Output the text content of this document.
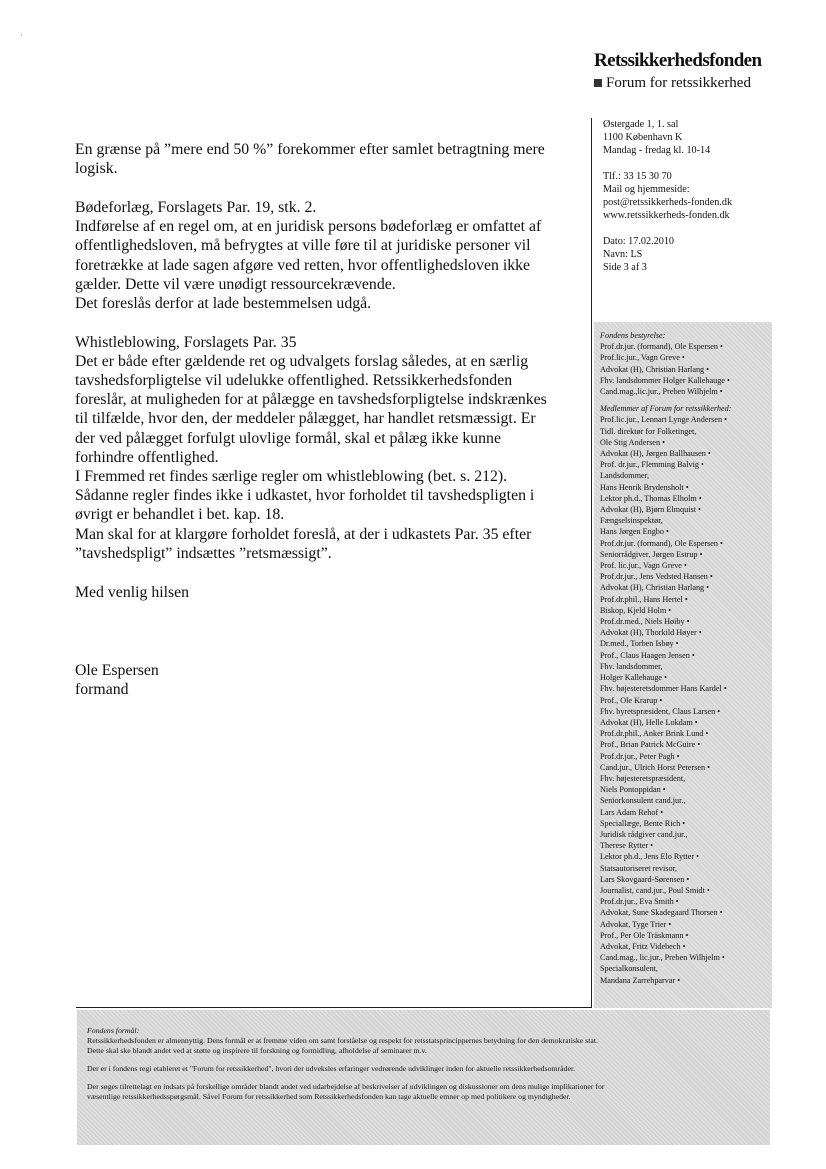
Retssikkerhedsfonden
Forum for retssikkerhed
En grænse på ”mere end 50 %” forekommer efter samlet betragtning mere
logisk.
Bødeforlæg, Forslagets Par. 19, stk. 2.
Indførelse af en regel om, at en juridisk persons bødeforlæg er omfattet af
offentlighedsloven, må befrygtes at ville føre til at juridiske personer vil
foretrække at lade sagen afgøre ved retten, hvor offentlighedsloven ikke
gælder. Dette vil være unødigt ressourcekrævende.
Det foreslås derfor at lade bestemmelsen udgå.
Whistleblowing, Forslagets Par. 35
Det er både efter gældende ret og udvalgets forslag således, at en særlig
tavshedsforpligtelse vil udelukke offentlighed. Retssikkerhedsfonden
foreslår, at muligheden for at pålægge en tavshedsforpligtelse indskrænkes
til tilfælde, hvor den, der meddeler pålægget, har handlet retsmæssigt. Er
der ved pålægget forfulgt ulovlige formål, skal et pålæg ikke kunne
forhindre offentlighed.
I Fremmed ret findes særlige regler om whistleblowing (bet. s. 212).
Sådanne regler findes ikke i udkastet, hvor forholdet til tavshedspligten i
øvrigt er behandlet i bet. kap. 18.
Man skal for at klargøre forholdet foreslå, at der i udkastets Par. 35 efter
”tavshedspligt” indsættes ”retsmæssigt”.
Med venlig hilsen
Ole Espersen
formand
Østergade 1, 1. sal
1100 København K
Mandag - fredag kl. 10-14
Tlf.: 33 15 30 70
Mail og hjemmeside:
post@retssikkerheds-fonden.dk
www.retssikkerheds-fonden.dk
Dato: 17.02.2010
Navn: LS
Side 3 af 3
Fondens bestyrelse:
Prof.dr.jur. (formand), Ole Espersen •
Prof.lic.jur., Vagn Greve •
Advokat (H), Christian Harlang •
Fhv. landsdommer Holger Kallehauge •
Cand.mag.,lic.jur., Preben Wilhjelm •
Medlemmer af Forum for retssikkerhed:
Prof.lic.jur., Lennart Lynge Andersen •
Tidl. direktør for Folketinget,
Ole Stig Andersen •
Advokat (H), Jørgen Ballhausen •
Prof. dr.jur., Flemming Balvig •
Landsdommer,
Hans Henrik Brydensholt •
Lektor ph.d., Thomas Elholm •
Advokat (H), Bjørn Elmquist •
Fængselsinspektør,
Hans Jørgen Engbo •
Prof.dr.jur. (formand), Ole Espersen •
Seniorrådgiver, Jørgen Estrup •
Prof. lic.jur., Vagn Greve •
Prof.dr.jur., Jens Vedsted Hansen •
Advokat (H), Christian Harlang •
Prof.dr.phil., Hans Hertel •
Biskop, Kjeld Holm •
Prof.dr.med., Niels Høiby •
Advokat (H), Thorkild Høyer •
Dr.med., Torben Isbøy •
Prof., Claus Haagen Jensen •
Fhv. landsdommer,
Holger Kallehauge •
Fhv. højesteretsdommer Hans Kardel •
Prof., Ole Krarup •
Fhv. byretspræsident, Claus Larsen •
Advokat (H), Helle Lokdam •
Prof.dr.phil., Anker Brink Lund •
Prof., Brian Patrick McGuire •
Prof.dr.jur., Peter Pagh •
Cand.jur., Ulrich Horst Petersen •
Fhv. højesteretspræsident,
Niels Pontoppidan •
Seniorkonsulent cand.jur.,
Lars Adam Rehof •
Speciallæge, Bente Rich •
Juridisk rådgiver cand.jur.,
Therese Rytter •
Lektor ph.d., Jens Elo Rytter •
Statsautoriseret revisor,
Lars Skovgaard-Sørensen •
Journalist, cand.jur., Poul Smidt •
Prof.dr.jur., Eva Smith •
Advokat, Sune Skadegaard Thorsen •
Advokat, Tyge Trier •
Prof., Per Ole Träskmann •
Advokat, Fritz Videbech •
Cand.mag., lic.jur., Preben Wilhjelm •
Specialkonsulent,
Mandana Zarrehparvar •
Fondens formål:
Retssikkerhedsfonden er almennyttig. Dens formål er at fremme viden om samt forståelse og respekt for retsstatsprincippernes betydning for den demokratiske stat.
Dette skal ske blandt andet ved at støtte og inspirere til forskning og formidling, afholdelse af seminarer m.v.
Der er i fondens regi etableret et "Forum for retssikkerhed", hvori der udveksles erfaringer vedrørende udviklinger inden for aktuelle retssikkerhedsområder.
Der søges tilrettelagt en indsats på forskellige områder blandt andet ved udarbejdelse af beskrivelser af udviklingen og diskussioner om dens mulige implikationer for
væsentlige retssikkerhedsspørgsmål. Såvel Forum for retssikkerhed som Retssikkerhedsfonden kan tage aktuelle emner op med politikere og myndigheder.
·
